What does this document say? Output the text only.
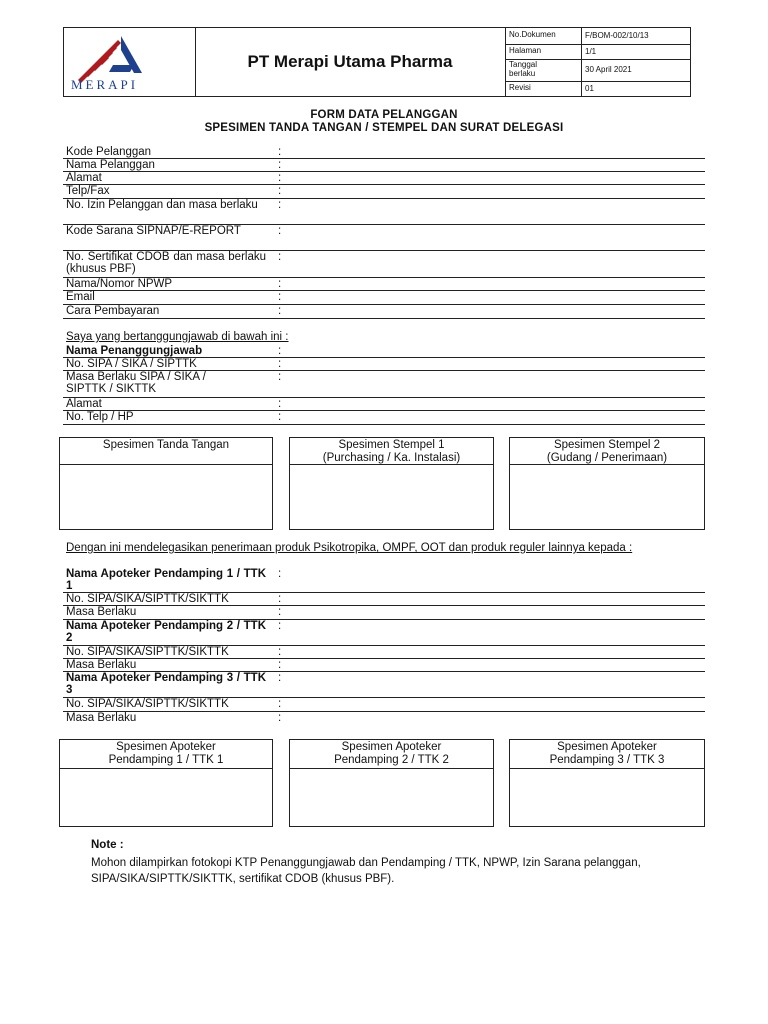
MERAPI
PT Merapi Utama Pharma
No.Dokumen	F/BOM-002/10/13
Halaman	1/1
Tanggal berlaku	30 April 2021
Revisi	01
FORM DATA PELANGGAN
SPESIMEN TANDA TANGAN / STEMPEL DAN SURAT DELEGASI
Kode Pelanggan	:
Nama Pelanggan	:
Alamat	:
Telp/Fax	:
No. Izin Pelanggan dan masa berlaku	:
Kode Sarana SIPNAP/E-REPORT	:
No. Sertifikat CDOB dan masa berlaku (khusus PBF)
:
Nama/Nomor NPWP	:
Email	:
Cara Pembayaran	:
Saya yang bertanggungjawab di bawah ini :
Nama Penanggungjawab	:
No. SIPA / SIKA / SIPTTK	:
Masa Berlaku SIPA / SIKA / SIPTTK / SIKTTK
:
Alamat	:
No. Telp / HP	:
Spesimen Tanda Tangan	Spesimen Stempel 1
(Purchasing / Ka. Instalasi)
Spesimen Stempel 2
(Gudang / Penerimaan)
Dengan ini mendelegasikan penerimaan produk Psikotropika, OMPF, OOT dan produk reguler lainnya kepada :
Nama Apoteker Pendamping 1 / TTK 1
:
No. SIPA/SIKA/SIPTTK/SIKTTK	:
Masa Berlaku	:
Nama Apoteker Pendamping 2 / TTK 2
:
No. SIPA/SIKA/SIPTTK/SIKTTK	:
Masa Berlaku	:
Nama Apoteker Pendamping 3 / TTK 3
:
No. SIPA/SIKA/SIPTTK/SIKTTK	:
Masa Berlaku	:
Spesimen Apoteker
Pendamping 1 / TTK 1
Spesimen Apoteker
Pendamping 2 / TTK 2
Spesimen Apoteker
Pendamping 3 / TTK 3
Note :
Mohon dilampirkan fotokopi KTP Penanggungjawab dan Pendamping / TTK, NPWP, Izin Sarana pelanggan, SIPA/SIKA/SIPTTK/SIKTTK, sertifikat CDOB (khusus PBF).
